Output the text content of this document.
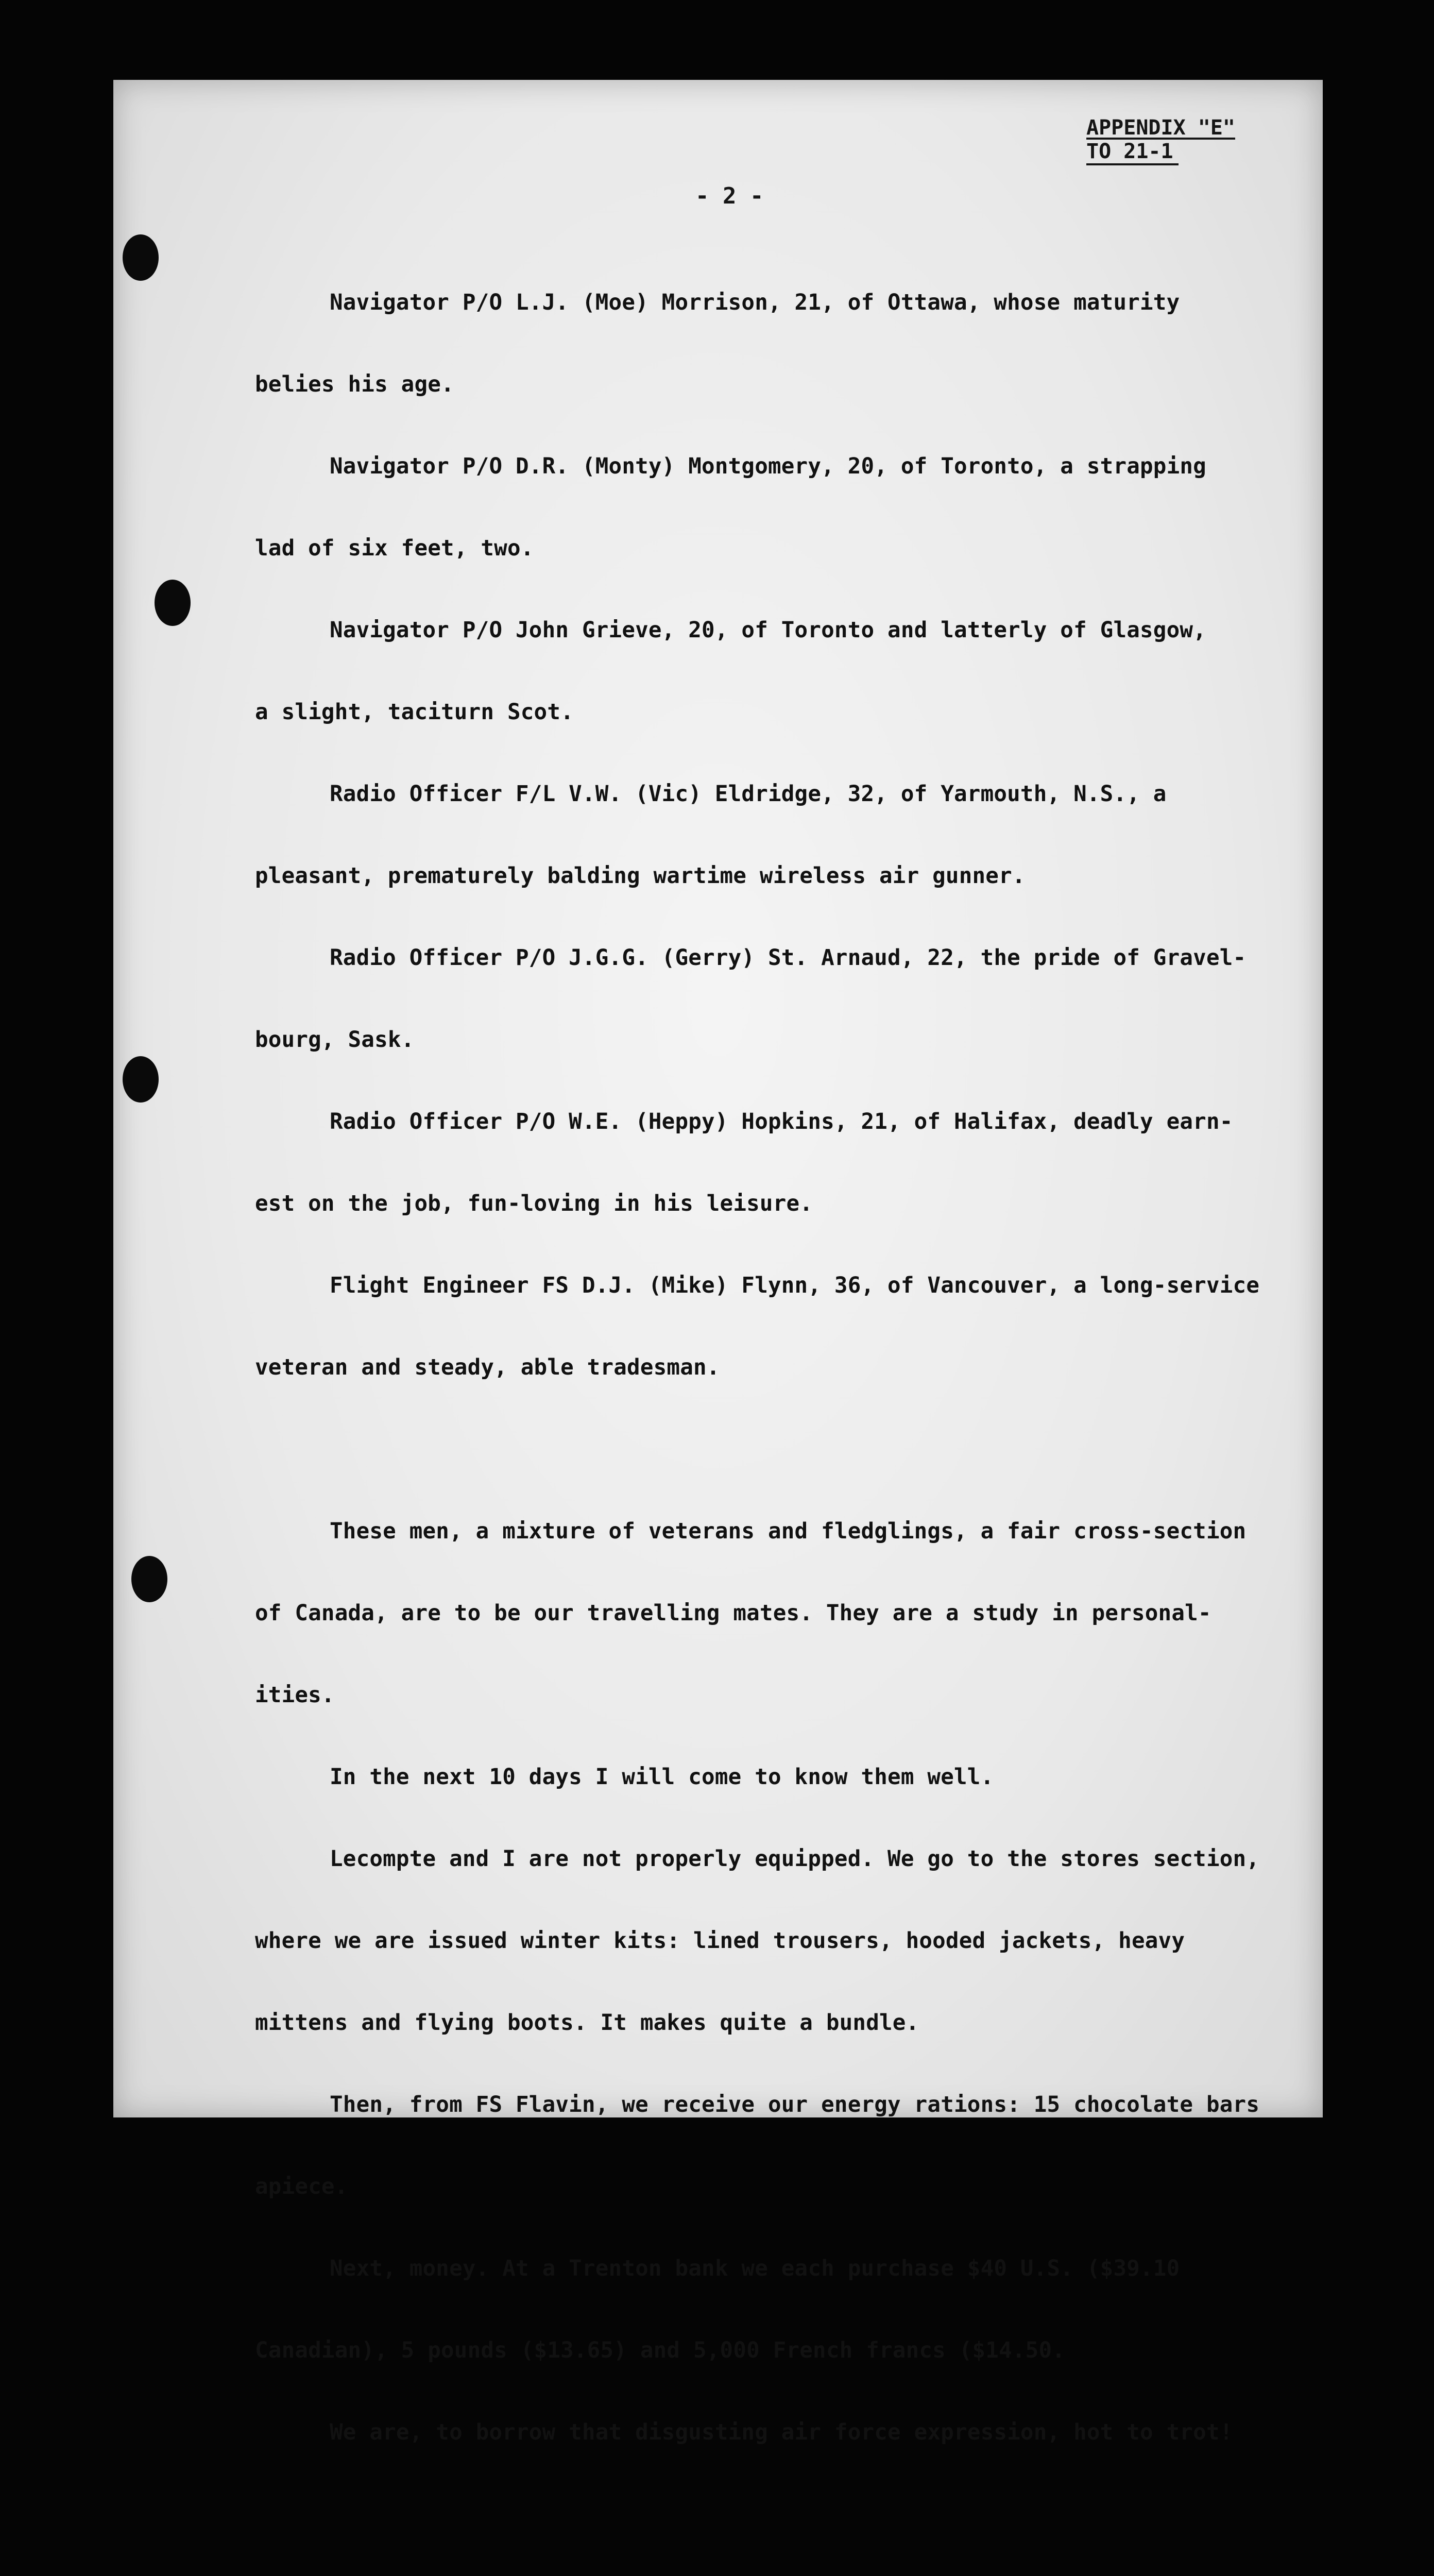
APPENDIX "E"
TO 21-1
- 2 -

Navigator P/O L.J. (Moe) Morrison, 21, of Ottawa, whose maturity

belies his age.

Navigator P/O D.R. (Monty) Montgomery, 20, of Toronto, a strapping

lad of six feet, two.

Navigator P/O John Grieve, 20, of Toronto and latterly of Glasgow,

a slight, taciturn Scot.

Radio Officer F/L V.W. (Vic) Eldridge, 32, of Yarmouth, N.S., a

pleasant, prematurely balding wartime wireless air gunner.

Radio Officer P/O J.G.G. (Gerry) St. Arnaud, 22, the pride of Gravel-

bourg, Sask.

Radio Officer P/O W.E. (Heppy) Hopkins, 21, of Halifax, deadly earn-

est on the job, fun-loving in his leisure.

Flight Engineer FS D.J. (Mike) Flynn, 36, of Vancouver, a long-service

veteran and steady, able tradesman.

These men, a mixture of veterans and fledglings, a fair cross-section

of Canada, are to be our travelling mates. They are a study in personal-

ities.

In the next 10 days I will come to know them well.

Lecompte and I are not properly equipped. We go to the stores section,

where we are issued winter kits: lined trousers, hooded jackets, heavy

mittens and flying boots. It makes quite a bundle.

Then, from FS Flavin, we receive our energy rations: 15 chocolate bars

apiece.

Next, money. At a Trenton bank we each purchase $40 U.S. ($39.10

Canadian), 5 pounds ($13.65) and 5,000 French francs ($14.50.

We are, to borrow that disgusting air force expression, hot to trot!
